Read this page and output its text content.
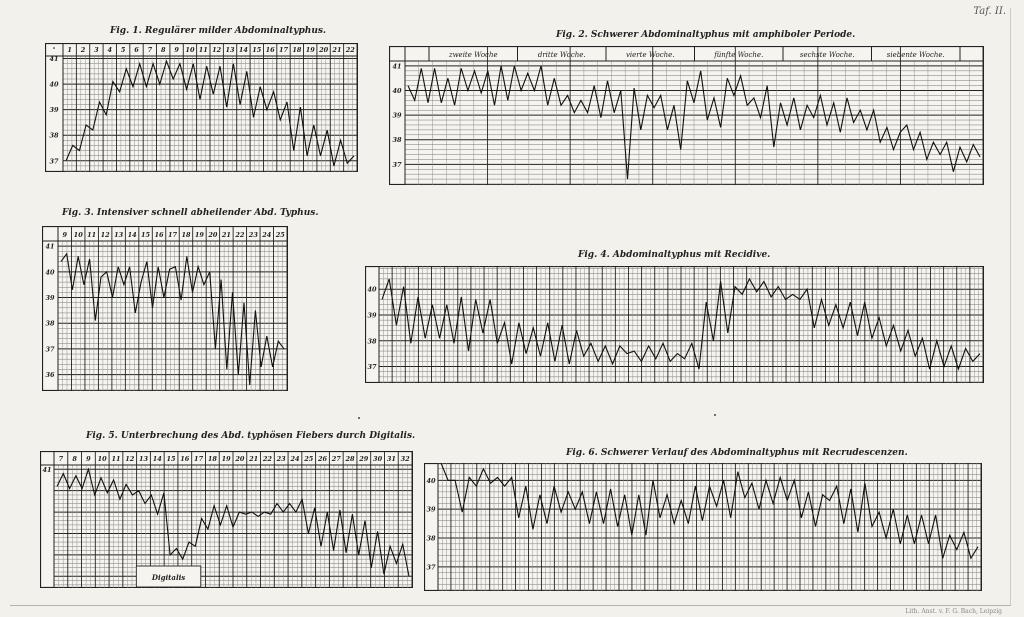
Taf. II.
Lith. Anst. v. F. G. Bach, Leipzig
Fig. 1. Regulärer milder Abdominaltyphus.	Fig. 2. Schwerer Abdominaltyphus mit amphiboler Periode.
Fig. 3. Intensiver schnell abheilender Abd. Typhus.
Fig. 4. Abdominaltyphus mit Recidive.
Fig. 5. Unterbrechung des Abd. typhösen Fiebers durch Digitalis.
Fig. 6. Schwerer Verlauf des Abdominaltyphus mit Recrudescenzen.
° 1 2 3 4 5 6 7 8 9 10 11 12 13 14 15 16 17 18 19 20 21 22
41
40
39
38
37
zweite Woche	dritte Woche.	vierte Woche.	fünfte Woche.	sechste Woche.	siebente Woche.
41
40
39
38
37
9 10 11 12 13 14 15 16 17 18 19 20 21 22 23 24 25
41
40
39
38
37
36
40
39
38
37
7 8 9 10 11 12 13 14 15 16 17 18 19 20 21 22 23 24 25 26 27 28 29 30 31 32
41
Digitalis
40
39
38
37
